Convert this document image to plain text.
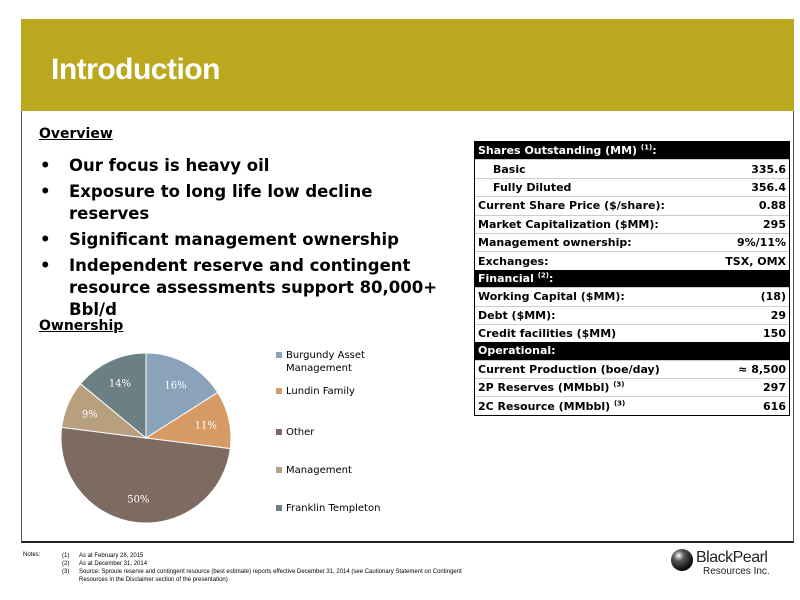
Introduction
Overview
• Our focus is heavy oil
• Exposure to long life low decline reserves
• Significant management ownership
• Independent reserve and contingent resource assessments support 80,000+ Bbl/d
Ownership
16%
11%
50%
9%
14%
Burgundy Asset Management
Lundin Family
Other
Management
Franklin Templeton
Shares Outstanding (MM) $^{(1)}$:
Basic	335.6
Fully Diluted	356.4
Current Share Price ($/share):	0.88
Market Capitalization ($MM):	295
Management ownership:	9%/11%
Exchanges:	TSX, OMX
Financial $^{(2)}$:
Working Capital ($MM):	(18)
Debt ($MM):	29
Credit facilities ($MM)	150
Operational:
Current Production (boe/day)	≈ 8,500
2P Reserves (MMbbl) $^{(3)}$	297
2C Resource (MMbbl) $^{(3)}$	616
Notes:	(1) As at February 28, 2015
(2) As at December 31, 2014
(3) Source: Sproule reserve and contingent resource (best estimate) reports effective December 31, 2014 (see Cautionary Statement on Contingent Resources in the Disclaimer section of the presentation)
BlackPearl
Resources Inc.
